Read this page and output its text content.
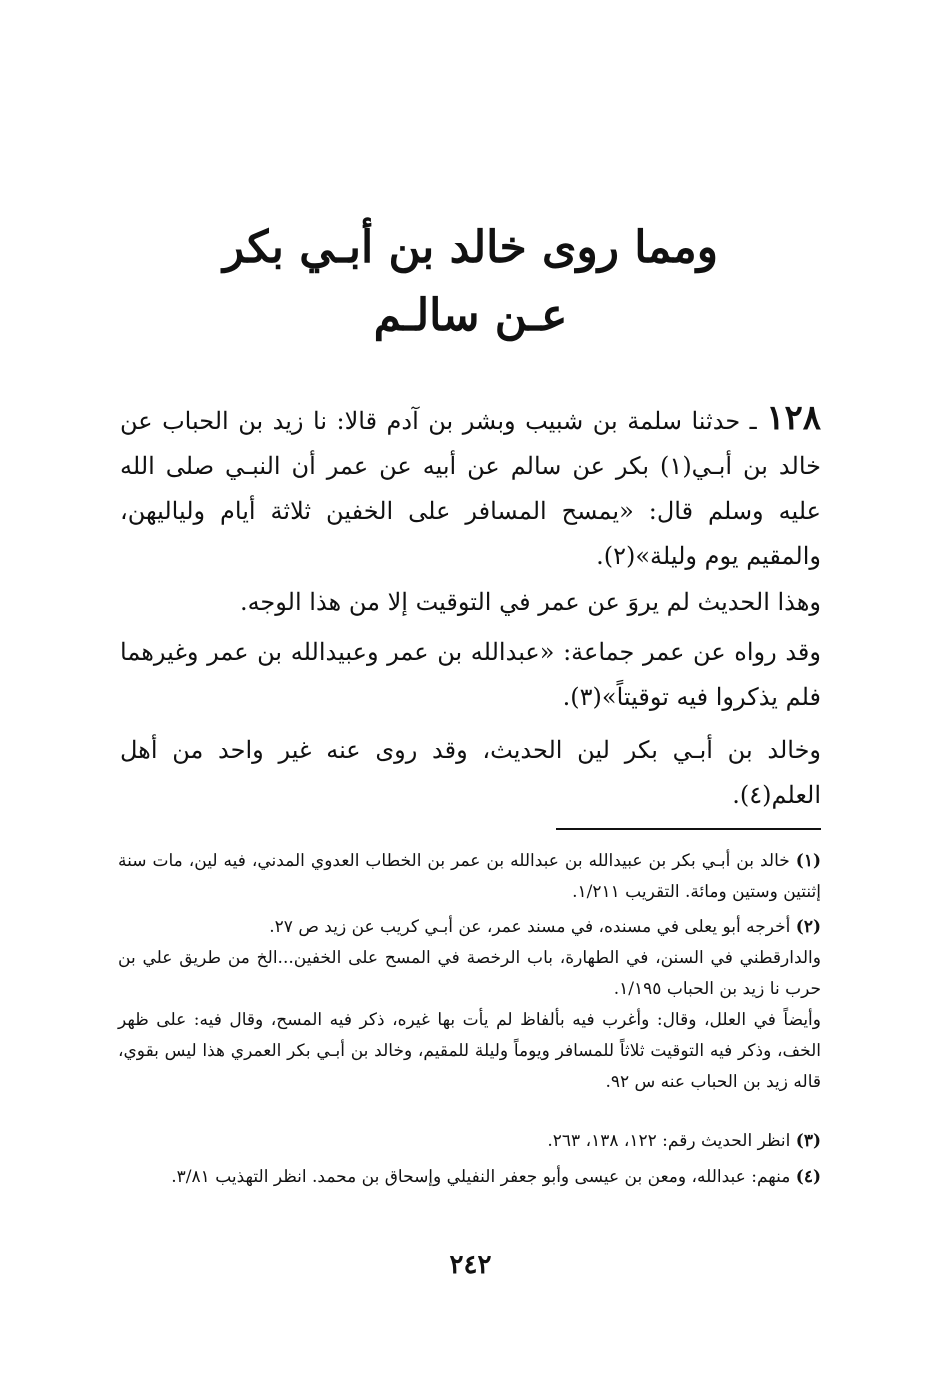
ومما روى خالد بن أبـي بكر
عـن سالـم
١٢٨ ـ حدثنا سلمة بن شبيب وبشر بن آدم قالا: نا زيد بن الحباب عن خالد بن أبـي(١) بكر عن سالم عن أبيه عن عمر أن النبـي صلى الله عليه وسلم قال: «يمسح المسافر على الخفين ثلاثة أيام ولياليهن، والمقيم يوم وليلة»(٢).
وهذا الحديث لم يروَ عن عمر في التوقيت إلا من هذا الوجه.
وقد رواه عن عمر جماعة: «عبدالله بن عمر وعبيدالله بن عمر وغيرهما فلم يذكروا فيه توقيتاً»(٣).
وخالد بن أبـي بكر لين الحديث، وقد روى عنه غير واحد من أهل العلم(٤).

(١) خالد بن أبـي بكر بن عبيدالله بن عبدالله بن عمر بن الخطاب العدوي المدني، فيه لين، مات سنة إثنتين وستين ومائة. التقريب ١/٢١١.

(٢) أخرجه أبو يعلى في مسنده، في مسند عمر، عن أبـي كريب عن زيد ص ٢٧.

والدارقطني في السنن، في الطهارة، باب الرخصة في المسح على الخفين...الخ من طريق علي بن حرب نا زيد بن الحباب ١/١٩٥.

وأيضاً في العلل، وقال: وأغرب فيه بألفاظ لم يأت بها غيره، ذكر فيه المسح، وقال فيه: على ظهر الخف، وذكر فيه التوقيت ثلاثاً للمسافر ويوماً وليلة للمقيم، وخالد بن أبـي بكر العمري هذا ليس بقوي، قاله زيد بن الحباب عنه س ٩٢.

(٣) انظر الحديث رقم: ١٢٢، ١٣٨، ٢٦٣.

(٤) منهم: عبدالله، ومعن بن عيسى وأبو جعفر النفيلي وإسحاق بن محمد. انظر التهذيب ٣/٨١.

٢٤٢
